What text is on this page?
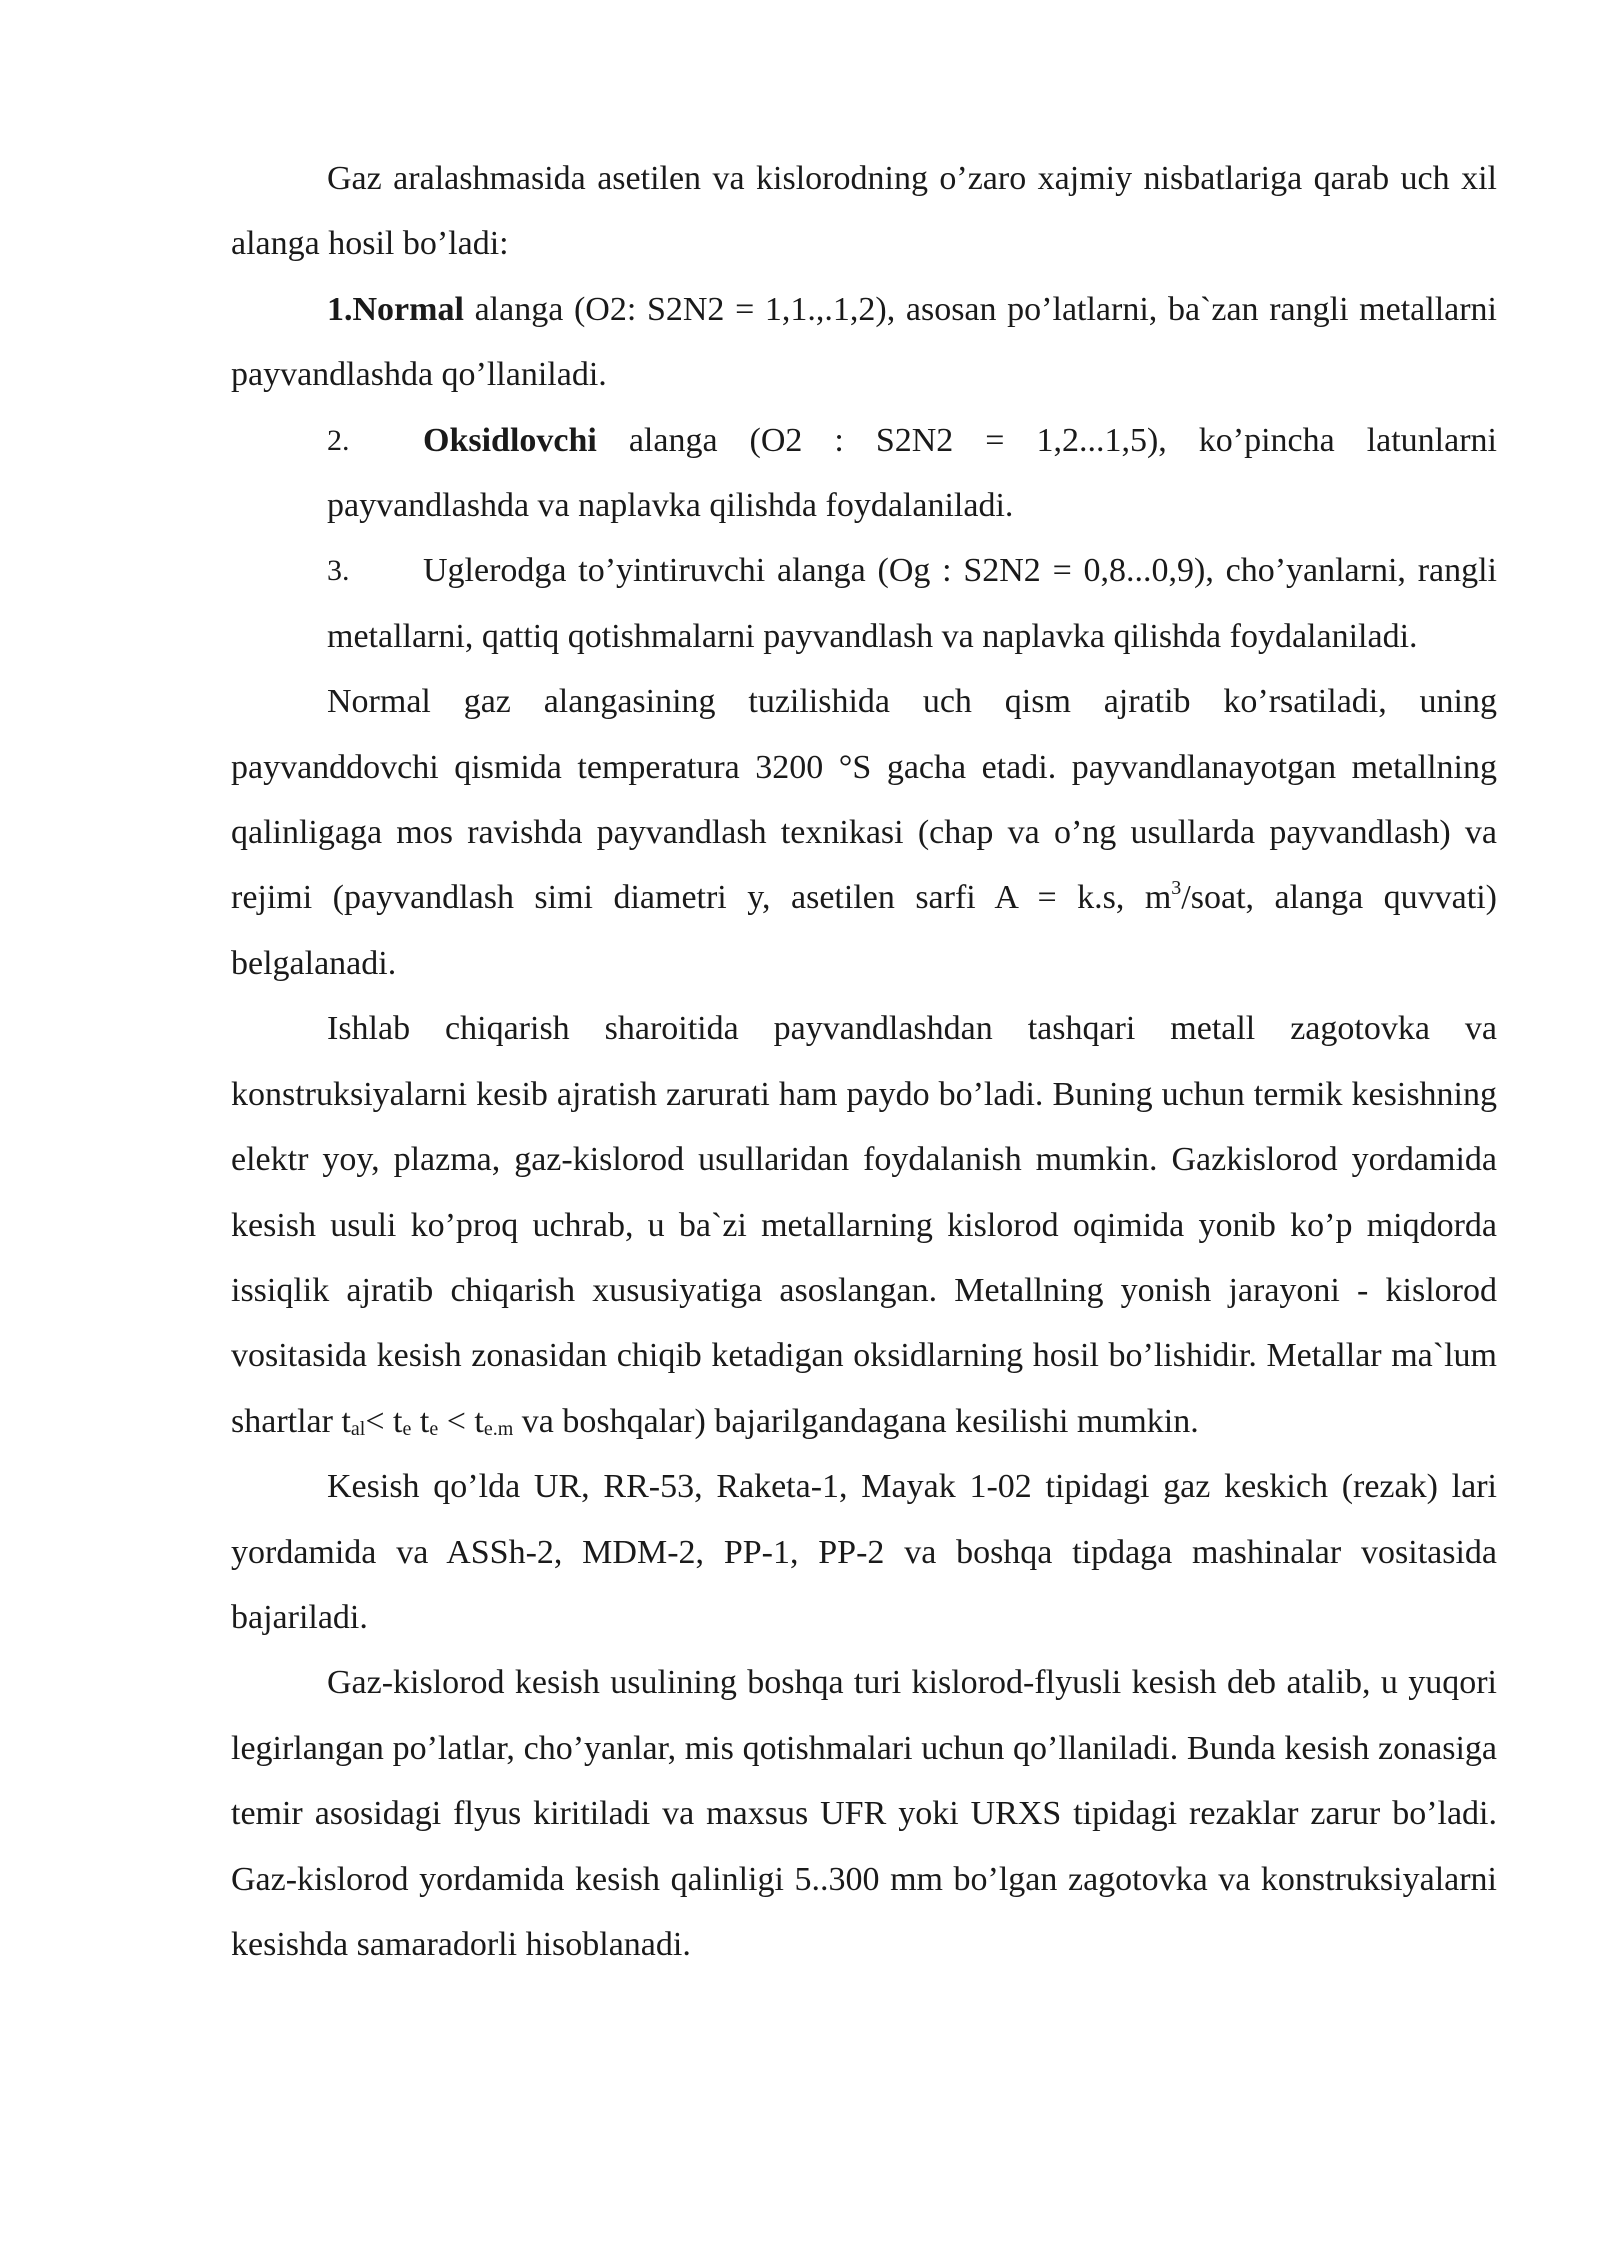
Gaz aralashmasida asetilen va kislorodning o’zaro xajmiy nisbatlariga qarab uch xil alanga hosil bo’ladi:

1.Normal alanga (O2: S2N2 = 1,1.,.1,2), asosan po’latlarni, ba`zan rangli metallarni payvandlashda qo’llaniladi.

2. Oksidlovchi alanga (O2 : S2N2 = 1,2...1,5), ko’pincha latunlarni payvandlashda va naplavka qilishda foydalaniladi.

3. Uglerodga to’yintiruvchi alanga (Og : S2N2 = 0,8...0,9), cho’yanlarni, rangli metallarni, qattiq qotishmalarni payvandlash va naplavka qilishda foydalaniladi.

Normal gaz alangasining tuzilishida uch qism ajratib ko’rsatiladi, uning payvanddovchi qismida temperatura 3200 °S gacha etadi. payvandlanayotgan metallning qalinligaga mos ravishda payvandlash texnikasi (chap va o’ng usullarda payvandlash) va rejimi (payvandlash simi diametri y, asetilen sarfi A = k.s, $m^3$/soat, alanga quvvati) belgalanadi.

Ishlab chiqarish sharoitida payvandlashdan tashqari metall zagotovka va konstruksiyalarni kesib ajratish zarurati ham paydo bo’ladi. Buning uchun termik kesishning elektr yoy, plazma, gaz-kislorod usullaridan foydalanish mumkin. Gazkislorod yordamida kesish usuli ko’proq uchrab, u ba`zi metallarning kislorod oqimida yonib ko’p miqdorda issiqlik ajratib chiqarish xususiyatiga asoslangan. Metallning yonish jarayoni - kislorod vositasida kesish zonasidan chiqib ketadigan oksidlarning hosil bo’lishidir. Metallar ma`lum shartlar $t_{al}< t_e$ $t_e < t_{e.m}$ va boshqalar) bajarilgandagana kesilishi mumkin.

Kesish qo’lda UR, RR-53, Raketa-1, Mayak 1-02 tipidagi gaz keskich (rezak) lari yordamida va ASSh-2, MDM-2, PP-1, PP-2 va boshqa tipdaga mashinalar vositasida bajariladi.

Gaz-kislorod kesish usulining boshqa turi kislorod-flyusli kesish deb atalib, u yuqori legirlangan po’latlar, cho’yanlar, mis qotishmalari uchun qo’llaniladi. Bunda kesish zonasiga temir asosidagi flyus kiritiladi va maxsus UFR yoki URXS tipidagi rezaklar zarur bo’ladi. Gaz-kislorod yordamida kesish qalinligi 5..300 mm bo’lgan zagotovka va konstruksiyalarni kesishda samaradorli hisoblanadi.
